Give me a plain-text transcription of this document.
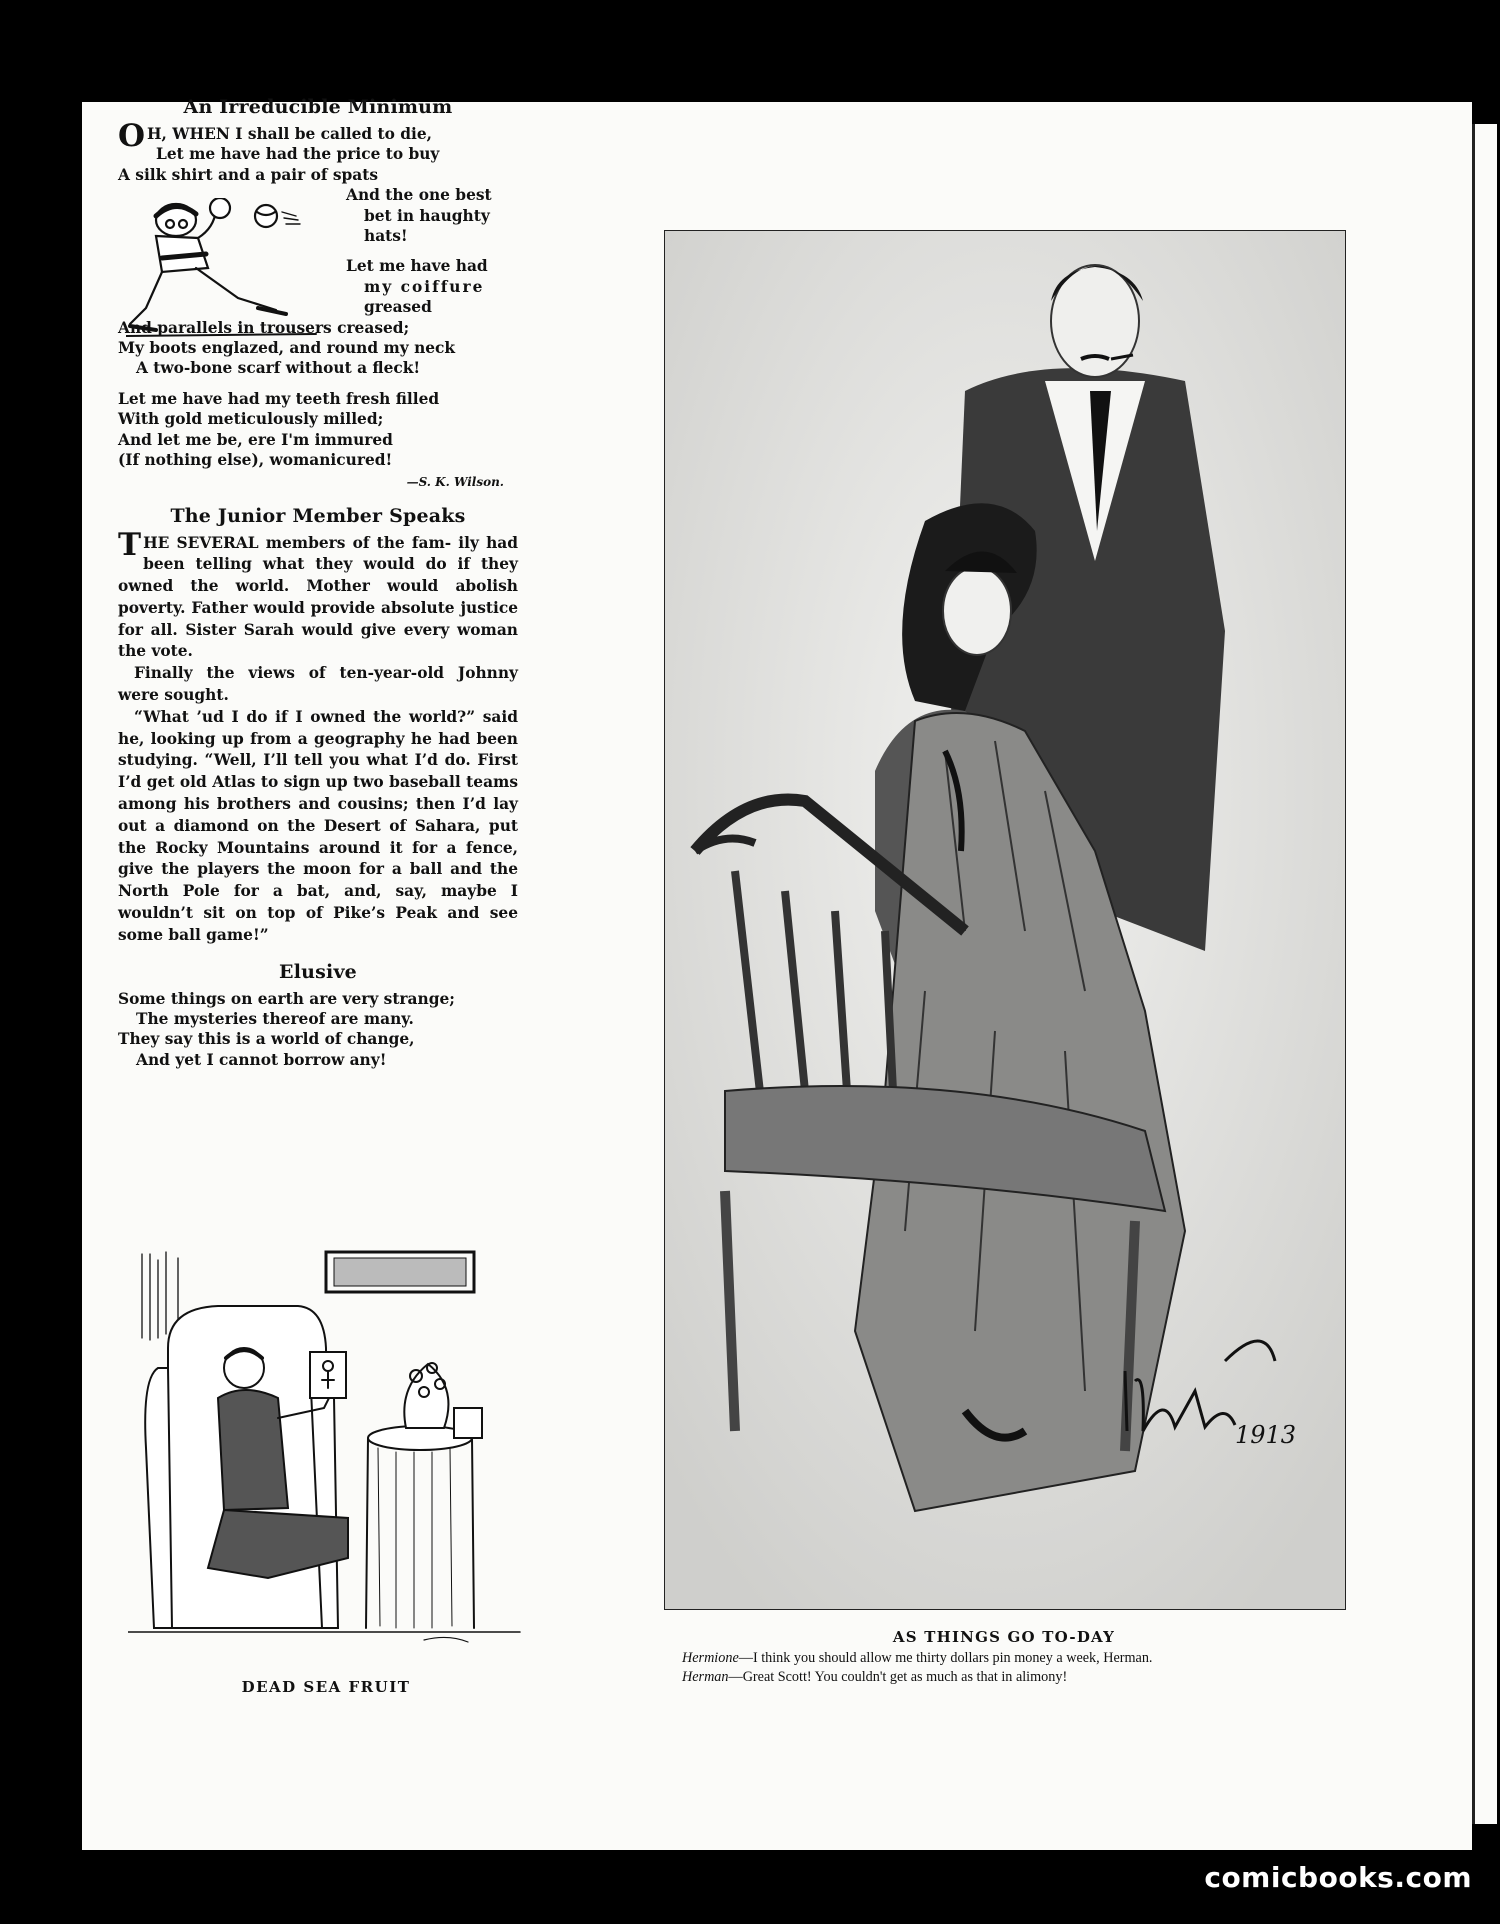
An Irreducible Minimum
O H, WHEN I shall be called to die,
Let me have had the price to buy
A silk shirt and a pair of spats
And the one best
bet in haughty
hats!
Let me have had
my coiffure
greased
And parallels in trousers creased;
My boots englazed, and round my neck
A two-bone scarf without a fleck!
Let me have had my teeth fresh filled
With gold meticulously milled;
And let me be, ere I'm immured
(If nothing else), womanicured!
—S. K. Wilson.
The Junior Member Speaks

THE SEVERAL members of the fam- ily had been telling what they would do if they owned the world. Mother would abolish poverty. Father would provide absolute justice for all. Sister Sarah would give every woman the vote.

Finally the views of ten-year-old Johnny were sought.

“What ’ud I do if I owned the world?” said he, looking up from a geography he had been studying. “Well, I’ll tell you what I’d do. First I’d get old Atlas to sign up two baseball teams among his brothers and cousins; then I’d lay out a diamond on the Desert of Sahara, put the Rocky Mountains around it for a fence, give the players the moon for a ball and the North Pole for a bat, and, say, maybe I wouldn’t sit on top of Pike’s Peak and see some ball game!”

Elusive
Some things on earth are very strange;
The mysteries thereof are many.
They say this is a world of change,
And yet I cannot borrow any!
DEAD SEA FRUIT
1913
AS THINGS GO TO-DAY
Hermione—I think you should allow me thirty dollars pin money a week, Herman.
Herman—Great Scott! You couldn't get as much as that in alimony!
comicbooks.com
